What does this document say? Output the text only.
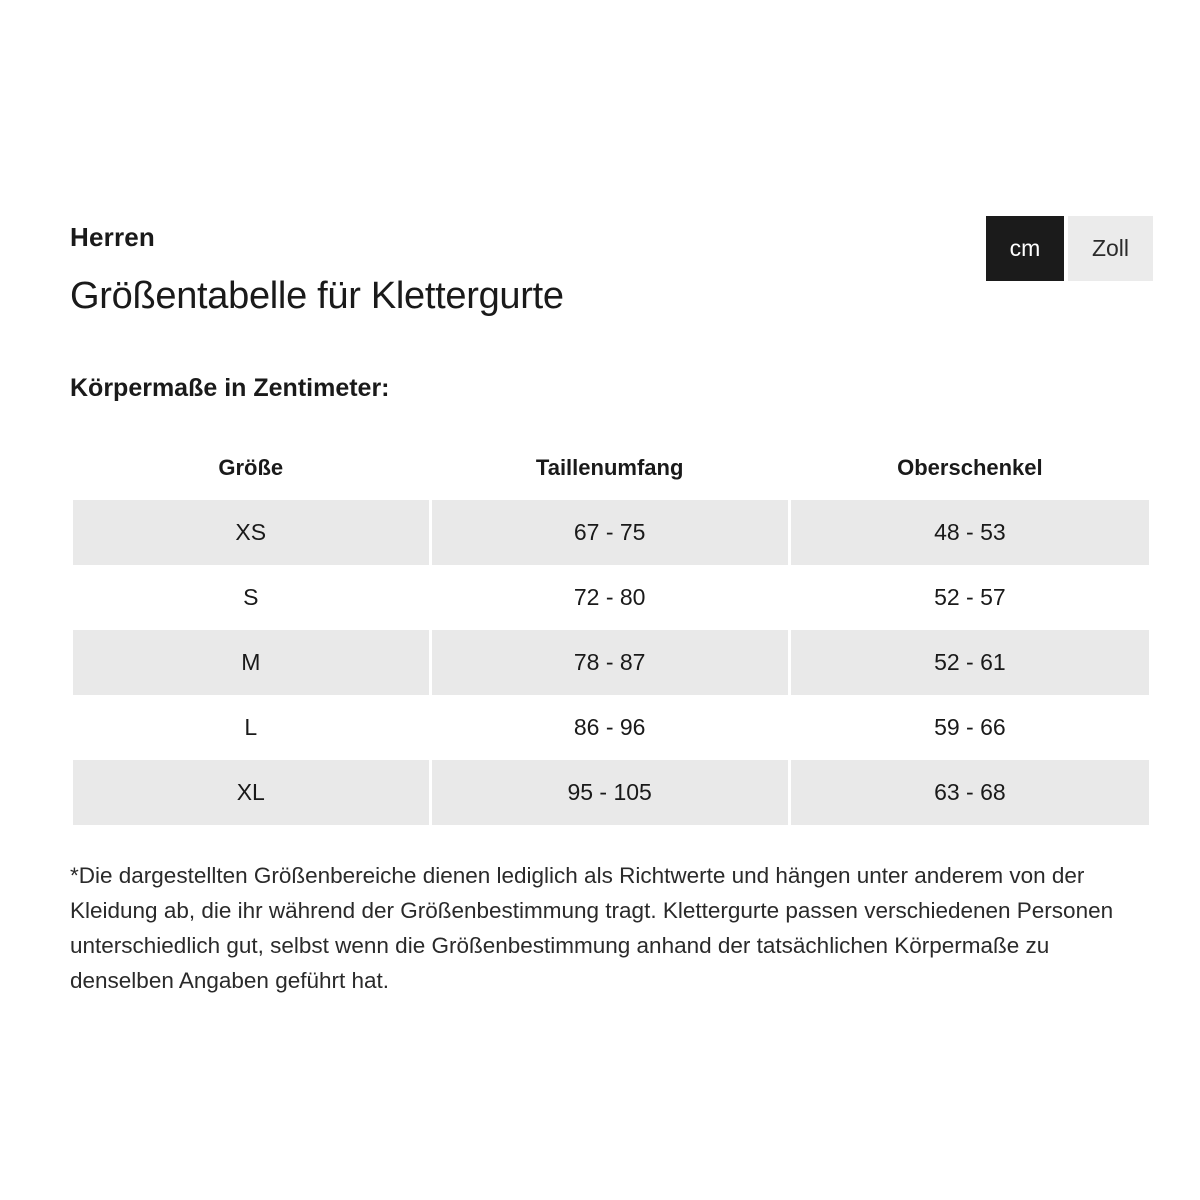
Herren
Größentabelle für Klettergurte
cm	Zoll
Körpermaße in Zentimeter:
Größe	Taillenumfang	Oberschenkel
XS	67 - 75	48 - 53
S	72 - 80	52 - 57
M	78 - 87	52 - 61
L	86 - 96	59 - 66
XL	95 - 105	63 - 68

*Die dargestellten Größenbereiche dienen lediglich als Richtwerte und hängen unter anderem von der Kleidung ab, die ihr während der Größenbestimmung tragt. Klettergurte passen verschiedenen Personen unterschiedlich gut, selbst wenn die Größenbestimmung anhand der tatsächlichen Körpermaße zu denselben Angaben geführt hat.
